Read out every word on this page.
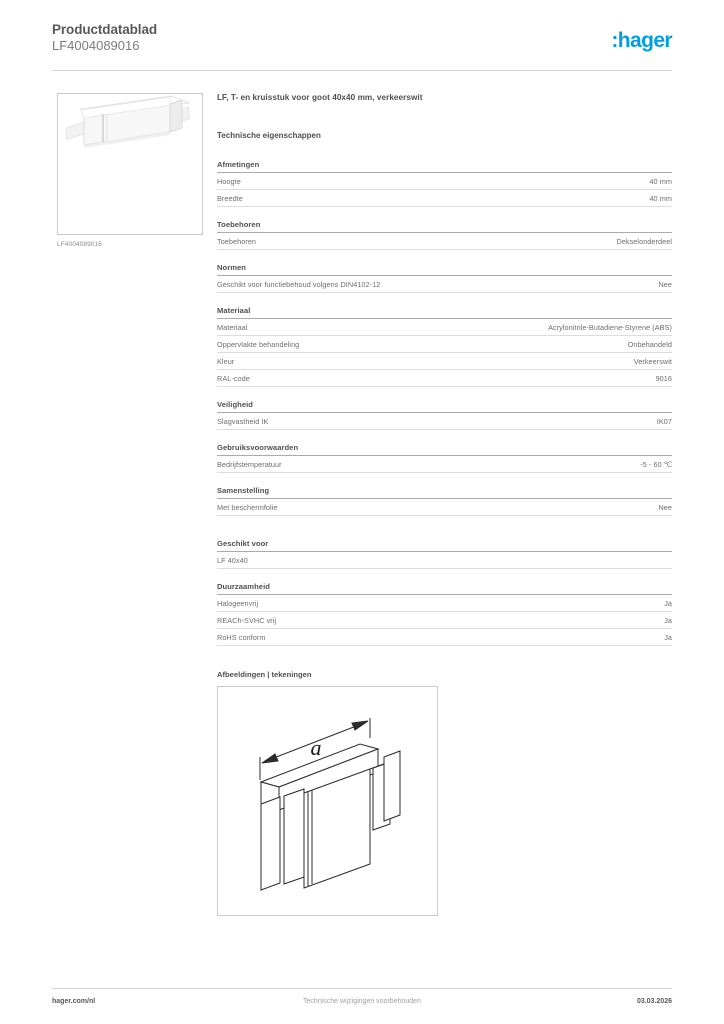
Productdatablad
LF4004089016	:hager
LF4004089016
LF, T- en kruisstuk voor goot 40x40 mm, verkeerswit
Technische eigenschappen
Afmetingen
Hoogte	40 mm
Breedte	40 mm
Toebehoren
Toebehoren	Dekselonderdeel
Normen
Geschikt voor functiebehoud volgens DIN4102-12	Nee
Materiaal
Materiaal	Acrylonitrile-Butadiene-Styrene (ABS)
Oppervlakte behandeling	Onbehandeld
Kleur	Verkeerswit
RAL-code	9016
Veiligheid
Slagvastheid IK	IK07
Gebruiksvoorwaarden
Bedrijfstemperatuur	-5 - 60 ℃
Samenstelling
Met beschermfolie	Nee
Geschikt voor
LF 40x40
Duurzaamheid
Halogeenvrij	Ja
REACh-SVHC vrij	Ja
RoHS conform	Ja
Afbeeldingen | tekeningen
a
Technische wijzigingen voorbehouden
hager.com/nl	03.03.2026
